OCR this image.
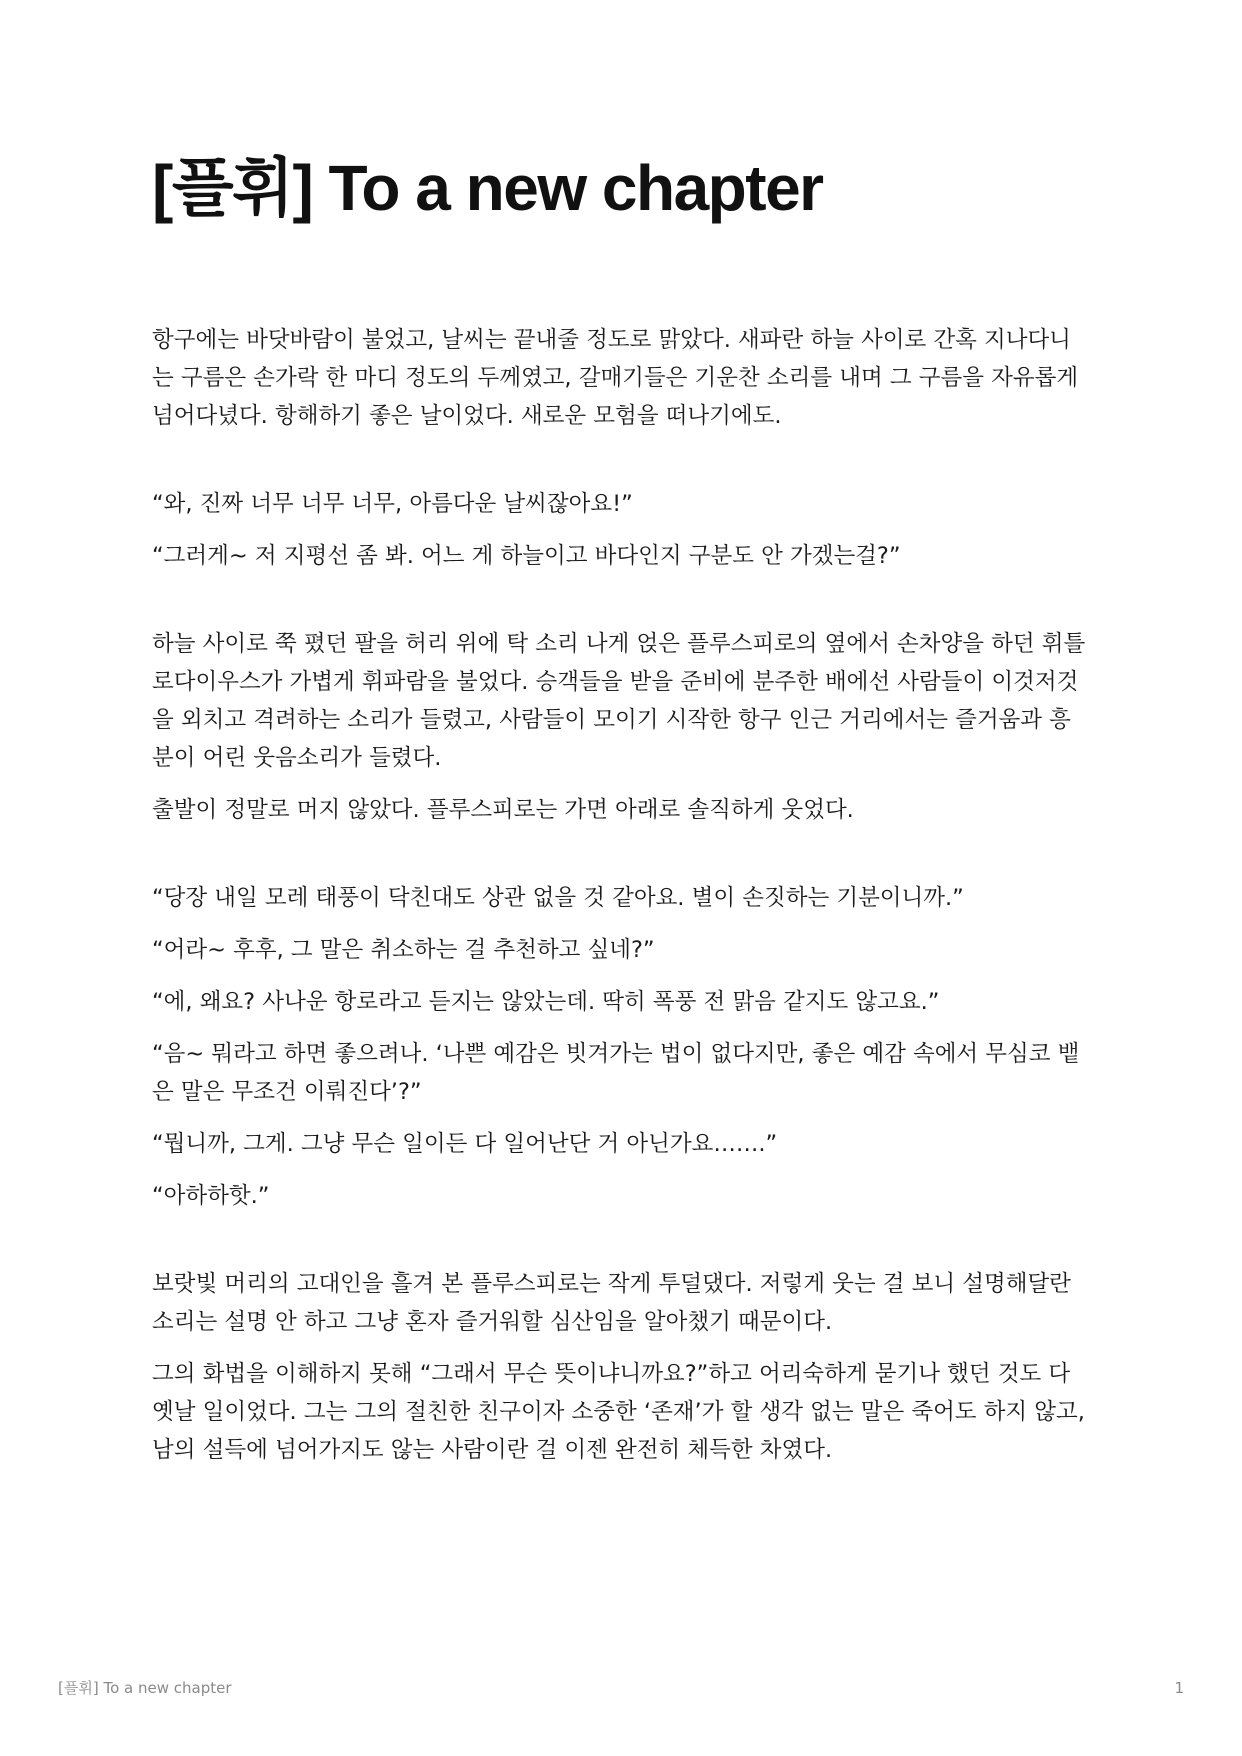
[플휘] To a new chapter

항구에는 바닷바람이 불었고, 날씨는 끝내줄 정도로 맑았다. 새파란 하늘 사이로 간혹 지나다니는 구름은 손가락 한 마디 정도의 두께였고, 갈매기들은 기운찬 소리를 내며 그 구름을 자유롭게 넘어다녔다. 항해하기 좋은 날이었다. 새로운 모험을 떠나기에도.

“와, 진짜 너무 너무 너무, 아름다운 날씨잖아요!”

“그러게~ 저 지평선 좀 봐. 어느 게 하늘이고 바다인지 구분도 안 가겠는걸?”

하늘 사이로 쭉 폈던 팔을 허리 위에 탁 소리 나게 얹은 플루스피로의 옆에서 손차양을 하던 휘틀로다이우스가 가볍게 휘파람을 불었다. 승객들을 받을 준비에 분주한 배에선 사람들이 이것저것을 외치고 격려하는 소리가 들렸고, 사람들이 모이기 시작한 항구 인근 거리에서는 즐거움과 흥분이 어린 웃음소리가 들렸다.

출발이 정말로 머지 않았다. 플루스피로는 가면 아래로 솔직하게 웃었다.

“당장 내일 모레 태풍이 닥친대도 상관 없을 것 같아요. 별이 손짓하는 기분이니까.”

“어라~ 후후, 그 말은 취소하는 걸 추천하고 싶네?”

“에, 왜요? 사나운 항로라고 듣지는 않았는데. 딱히 폭풍 전 맑음 같지도 않고요.”

“음~ 뭐라고 하면 좋으려나. ‘나쁜 예감은 빗겨가는 법이 없다지만, 좋은 예감 속에서 무심코 뱉은 말은 무조건 이뤄진다’?”

“뭡니까, 그게. 그냥 무슨 일이든 다 일어난단 거 아닌가요…….”

“아하하핫.”

보랏빛 머리의 고대인을 흘겨 본 플루스피로는 작게 투덜댔다. 저렇게 웃는 걸 보니 설명해달란 소리는 설명 안 하고 그냥 혼자 즐거워할 심산임을 알아챘기 때문이다.

그의 화법을 이해하지 못해 “그래서 무슨 뜻이냐니까요?”하고 어리숙하게 묻기나 했던 것도 다 옛날 일이었다. 그는 그의 절친한 친구이자 소중한 ‘존재’가 할 생각 없는 말은 죽어도 하지 않고, 남의 설득에 넘어가지도 않는 사람이란 걸 이젠 완전히 체득한 차였다.

[플휘] To a new chapter	1
